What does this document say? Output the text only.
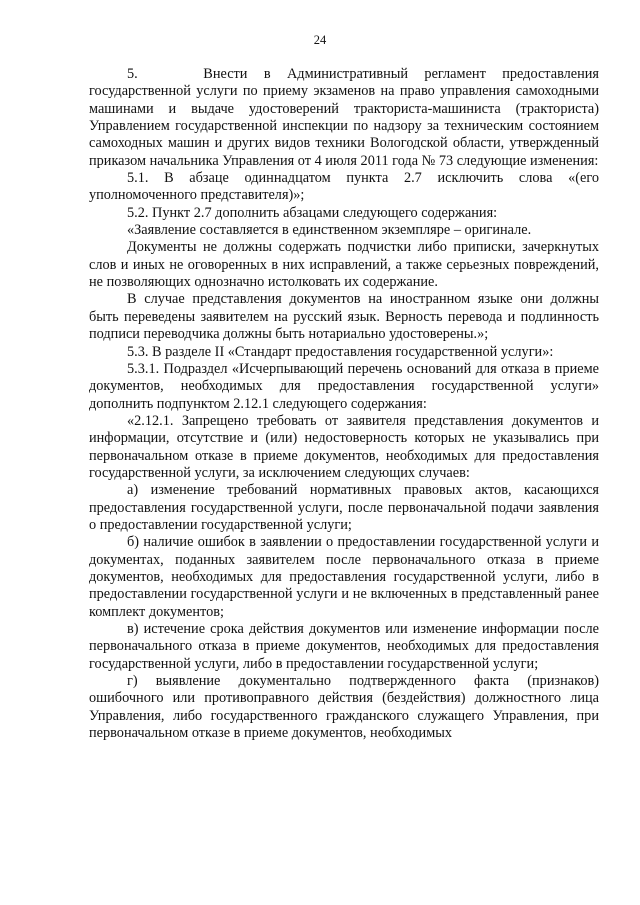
24

5.    Внести в Административный регламент предоставления государственной услуги по приему экзаменов на право управления самоходными машинами и выдаче удостоверений тракториста-машиниста (тракториста) Управлением государственной инспекции по надзору за техническим состоянием самоходных машин и других видов техники Вологодской области, утвержденный приказом начальника Управления от 4 июля 2011 года № 73 следующие изменения:

5.1. В абзаце одиннадцатом пункта 2.7 исключить слова «(его уполномоченного представителя)»;

5.2. Пункт 2.7 дополнить абзацами следующего содержания:

«Заявление составляется в единственном экземпляре – оригинале.

Документы не должны содержать подчистки либо приписки, зачеркнутых слов и иных не оговоренных в них исправлений, а также серьезных повреждений, не позволяющих однозначно истолковать их содержание.

В случае представления документов на иностранном языке они должны быть переведены заявителем на русский язык. Верность перевода и подлинность подписи переводчика должны быть нотариально удостоверены.»;

5.3. В разделе II «Стандарт предоставления государственной услуги»:

5.3.1. Подраздел «Исчерпывающий перечень оснований для отказа в приеме документов, необходимых для предоставления государственной услуги» дополнить подпунктом 2.12.1 следующего содержания:

«2.12.1. Запрещено требовать от заявителя представления документов и информации, отсутствие и (или) недостоверность которых не указывались при первоначальном отказе в приеме документов, необходимых для предоставления государственной услуги, за исключением следующих случаев:

а) изменение требований нормативных правовых актов, касающихся предоставления государственной услуги, после первоначальной подачи заявления о предоставлении государственной услуги;

б) наличие ошибок в заявлении о предоставлении государственной услуги и документах, поданных заявителем после первоначального отказа в приеме документов, необходимых для предоставления государственной услуги, либо в предоставлении государственной услуги и не включенных в представленный ранее комплект документов;

в) истечение срока действия документов или изменение информации после первоначального отказа в приеме документов, необходимых для предоставления государственной услуги, либо в предоставлении государственной услуги;

г) выявление документально подтвержденного факта (признаков) ошибочного или противоправного действия (бездействия) должностного лица Управления, либо государственного гражданского служащего Управления, при первоначальном отказе в приеме документов, необходимых
